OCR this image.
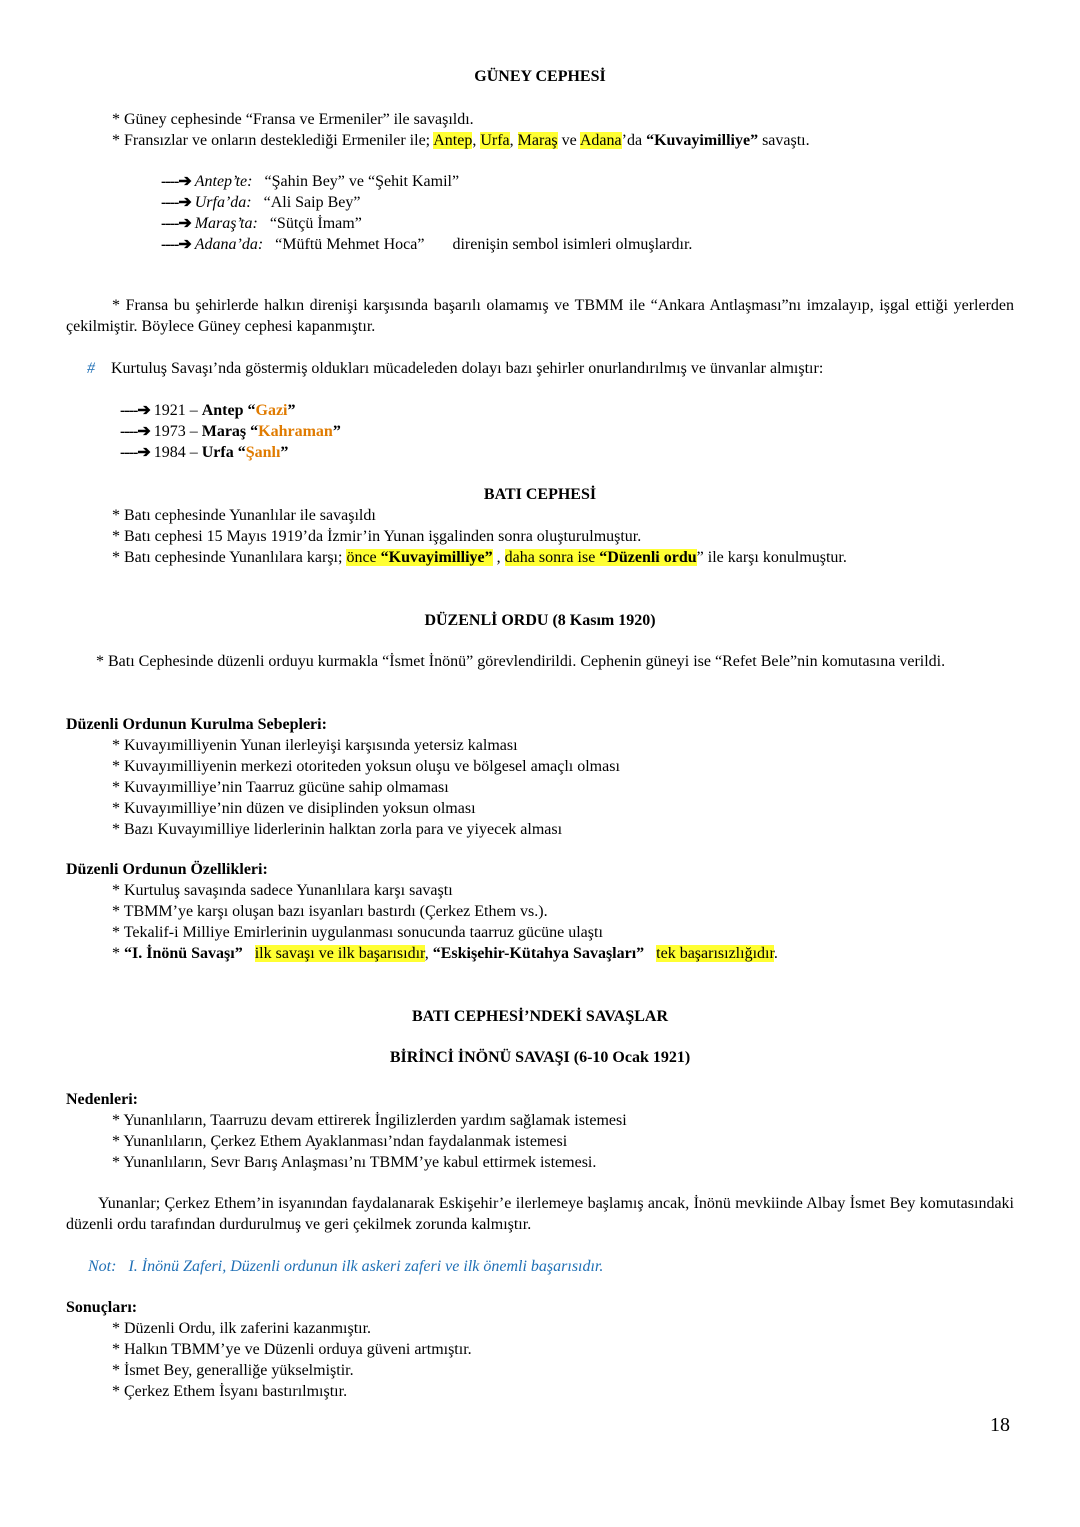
GÜNEY CEPHESİ
* Güney cephesinde “Fransa ve Ermeniler” ile savaşıldı.
* Fransızlar ve onların desteklediği Ermeniler ile; Antep, Urfa, Maraş ve Adana’da “Kuvayimilliye” savaştı.
----➔ Antep’te: “Şahin Bey” ve “Şehit Kamil”
----➔ Urfa’da: “Ali Saip Bey”
----➔ Maraş’ta: “Sütçü İmam”
----➔ Adana’da: “Müftü Mehmet Hoca” direnişin sembol isimleri olmuşlardır.
* Fransa bu şehirlerde halkın direnişi karşısında başarılı olamamış ve TBMM ile “Ankara Antlaşması”nı imzalayıp, işgal ettiği yerlerden çekilmiştir. Böylece Güney cephesi kapanmıştır.
# Kurtuluş Savaşı’nda göstermiş oldukları mücadeleden dolayı bazı şehirler onurlandırılmış ve ünvanlar almıştır:
----➔ 1921 – Antep “Gazi”
----➔ 1973 – Maraş “Kahraman”
----➔ 1984 – Urfa “Şanlı”
BATI CEPHESİ
* Batı cephesinde Yunanlılar ile savaşıldı
* Batı cephesi 15 Mayıs 1919’da İzmir’in Yunan işgalinden sonra oluşturulmuştur.
* Batı cephesinde Yunanlılara karşı; önce “Kuvayimilliye” , daha sonra ise “Düzenli ordu” ile karşı konulmuştur.
DÜZENLİ ORDU (8 Kasım 1920)
* Batı Cephesinde düzenli orduyu kurmakla “İsmet İnönü” görevlendirildi. Cephenin güneyi ise “Refet Bele”nin komutasına verildi.
Düzenli Ordunun Kurulma Sebepleri:
* Kuvayımilliyenin Yunan ilerleyişi karşısında yetersiz kalması
* Kuvayımilliyenin merkezi otoriteden yoksun oluşu ve bölgesel amaçlı olması
* Kuvayımilliye’nin Taarruz gücüne sahip olmaması
* Kuvayımilliye’nin düzen ve disiplinden yoksun olması
* Bazı Kuvayımilliye liderlerinin halktan zorla para ve yiyecek alması
Düzenli Ordunun Özellikleri:
* Kurtuluş savaşında sadece Yunanlılara karşı savaştı
* TBMM’ye karşı oluşan bazı isyanları bastırdı (Çerkez Ethem vs.).
* Tekalif-i Milliye Emirlerinin uygulanması sonucunda taarruz gücüne ulaştı
* “I. İnönü Savaşı” ilk savaşı ve ilk başarısıdır, “Eskişehir-Kütahya Savaşları” tek başarısızlığıdır.
BATI CEPHESİ’NDEKİ SAVAŞLAR
BİRİNCİ İNÖNÜ SAVAŞI (6-10 Ocak 1921)
Nedenleri:
* Yunanlıların, Taarruzu devam ettirerek İngilizlerden yardım sağlamak istemesi
* Yunanlıların, Çerkez Ethem Ayaklanması’ndan faydalanmak istemesi
* Yunanlıların, Sevr Barış Anlaşması’nı TBMM’ye kabul ettirmek istemesi.
Yunanlar; Çerkez Ethem’in isyanından faydalanarak Eskişehir’e ilerlemeye başlamış ancak, İnönü mevkiinde Albay İsmet Bey komutasındaki düzenli ordu tarafından durdurulmuş ve geri çekilmek zorunda kalmıştır.
Not: I. İnönü Zaferi, Düzenli ordunun ilk askeri zaferi ve ilk önemli başarısıdır.
Sonuçları:
* Düzenli Ordu, ilk zaferini kazanmıştır.
* Halkın TBMM’ye ve Düzenli orduya güveni artmıştır.
* İsmet Bey, generalliğe yükselmiştir.
* Çerkez Ethem İsyanı bastırılmıştır.
18
